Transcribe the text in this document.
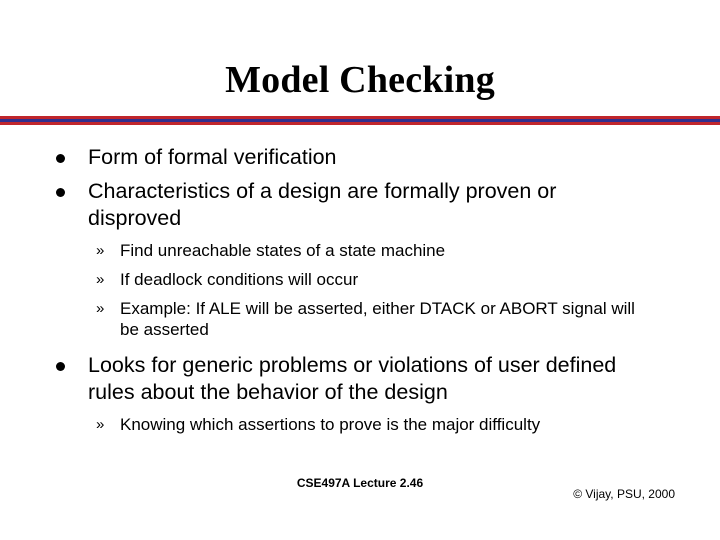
Model Checking
Form of formal verification
Characteristics of a design are formally proven or disproved
» Find unreachable states of a state machine
» If deadlock conditions will occur
» Example: If ALE will be asserted, either DTACK or ABORT signal will be asserted
Looks for generic problems or violations of user defined rules about the behavior of the design
» Knowing which assertions to prove is the major difficulty
CSE497A Lecture 2.46
© Vijay, PSU, 2000
